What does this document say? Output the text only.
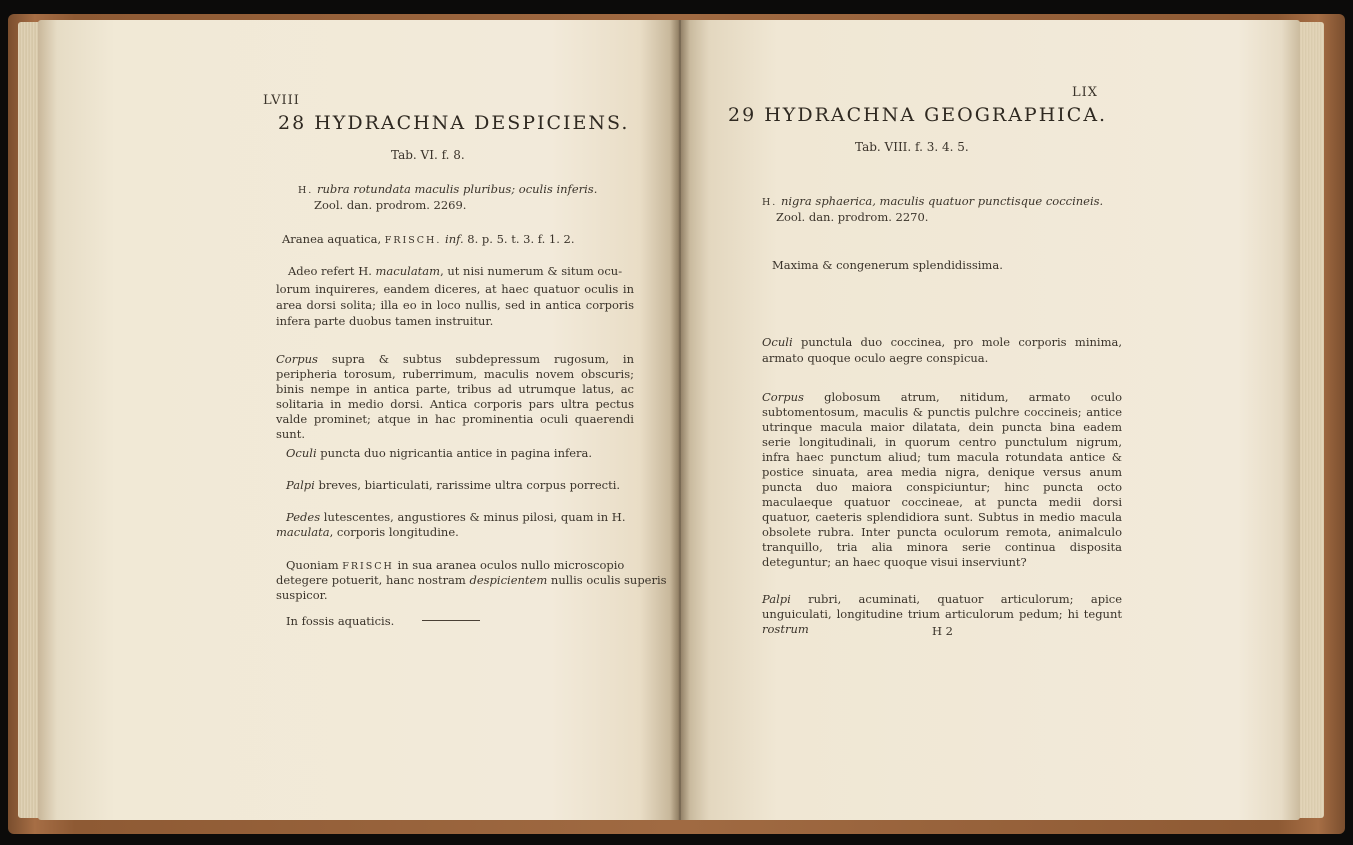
LVIII
28 HYDRACHNA DESPICIENS.
Tab. VI. f. 8.
H. rubra rotundata maculis pluribus; oculis inferis.
Zool. dan. prodrom. 2269.
Aranea aquatica, FRISCH. inf. 8. p. 5. t. 3. f. 1. 2.
Adeo refert H. maculatam, ut nisi numerum & situm ocu-
lorum inquireres, eandem diceres, at haec quatuor oculis in area dorsi solita; illa eo in loco nullis, sed in antica corporis infera parte duobus tamen instruitur.
Corpus supra & subtus subdepressum rugosum, in peripheria torosum, ruberrimum, maculis novem obscuris; binis nempe in antica parte, tribus ad utrumque latus, ac solitaria in medio dorsi. Antica corporis pars ultra pectus valde prominet; atque in hac prominentia oculi quaerendi sunt.
Oculi puncta duo nigricantia antice in pagina infera.
Palpi breves, biarticulati, rarissime ultra corpus porrecti.
Pedes lutescentes, angustiores & minus pilosi, quam in H.
maculata, corporis longitudine.
Quoniam FRISCH in sua aranea oculos nullo microscopio
detegere potuerit, hanc nostram despicientem nullis oculis superis
suspicor.
In fossis aquaticis.
LIX
29 HYDRACHNA GEOGRAPHICA.
Tab. VIII. f. 3. 4. 5.
H. nigra sphaerica, maculis quatuor punctisque coccineis.
Zool. dan. prodrom. 2270.
Maxima & congenerum splendidissima.
Oculi punctula duo coccinea, pro mole corporis minima, armato quoque oculo aegre conspicua.
Corpus globosum atrum, nitidum, armato oculo subtomentosum, maculis & punctis pulchre coccineis; antice utrinque macula maior dilatata, dein puncta bina eadem serie longitudinali, in quorum centro punctulum nigrum, infra haec punctum aliud; tum macula rotundata antice & postice sinuata, area media nigra, denique versus anum puncta duo maiora conspiciuntur; hinc puncta octo maculaeque quatuor coccineae, at puncta medii dorsi quatuor, caeteris splendidiora sunt. Subtus in medio macula obsolete rubra. Inter puncta oculorum remota, animalculo tranquillo, tria alia minora serie continua disposita deteguntur; an haec quoque visui inserviunt?
Palpi rubri, acuminati, quatuor articulorum; apice unguiculati, longitudine trium articulorum pedum; hi tegunt rostrum	H 2
